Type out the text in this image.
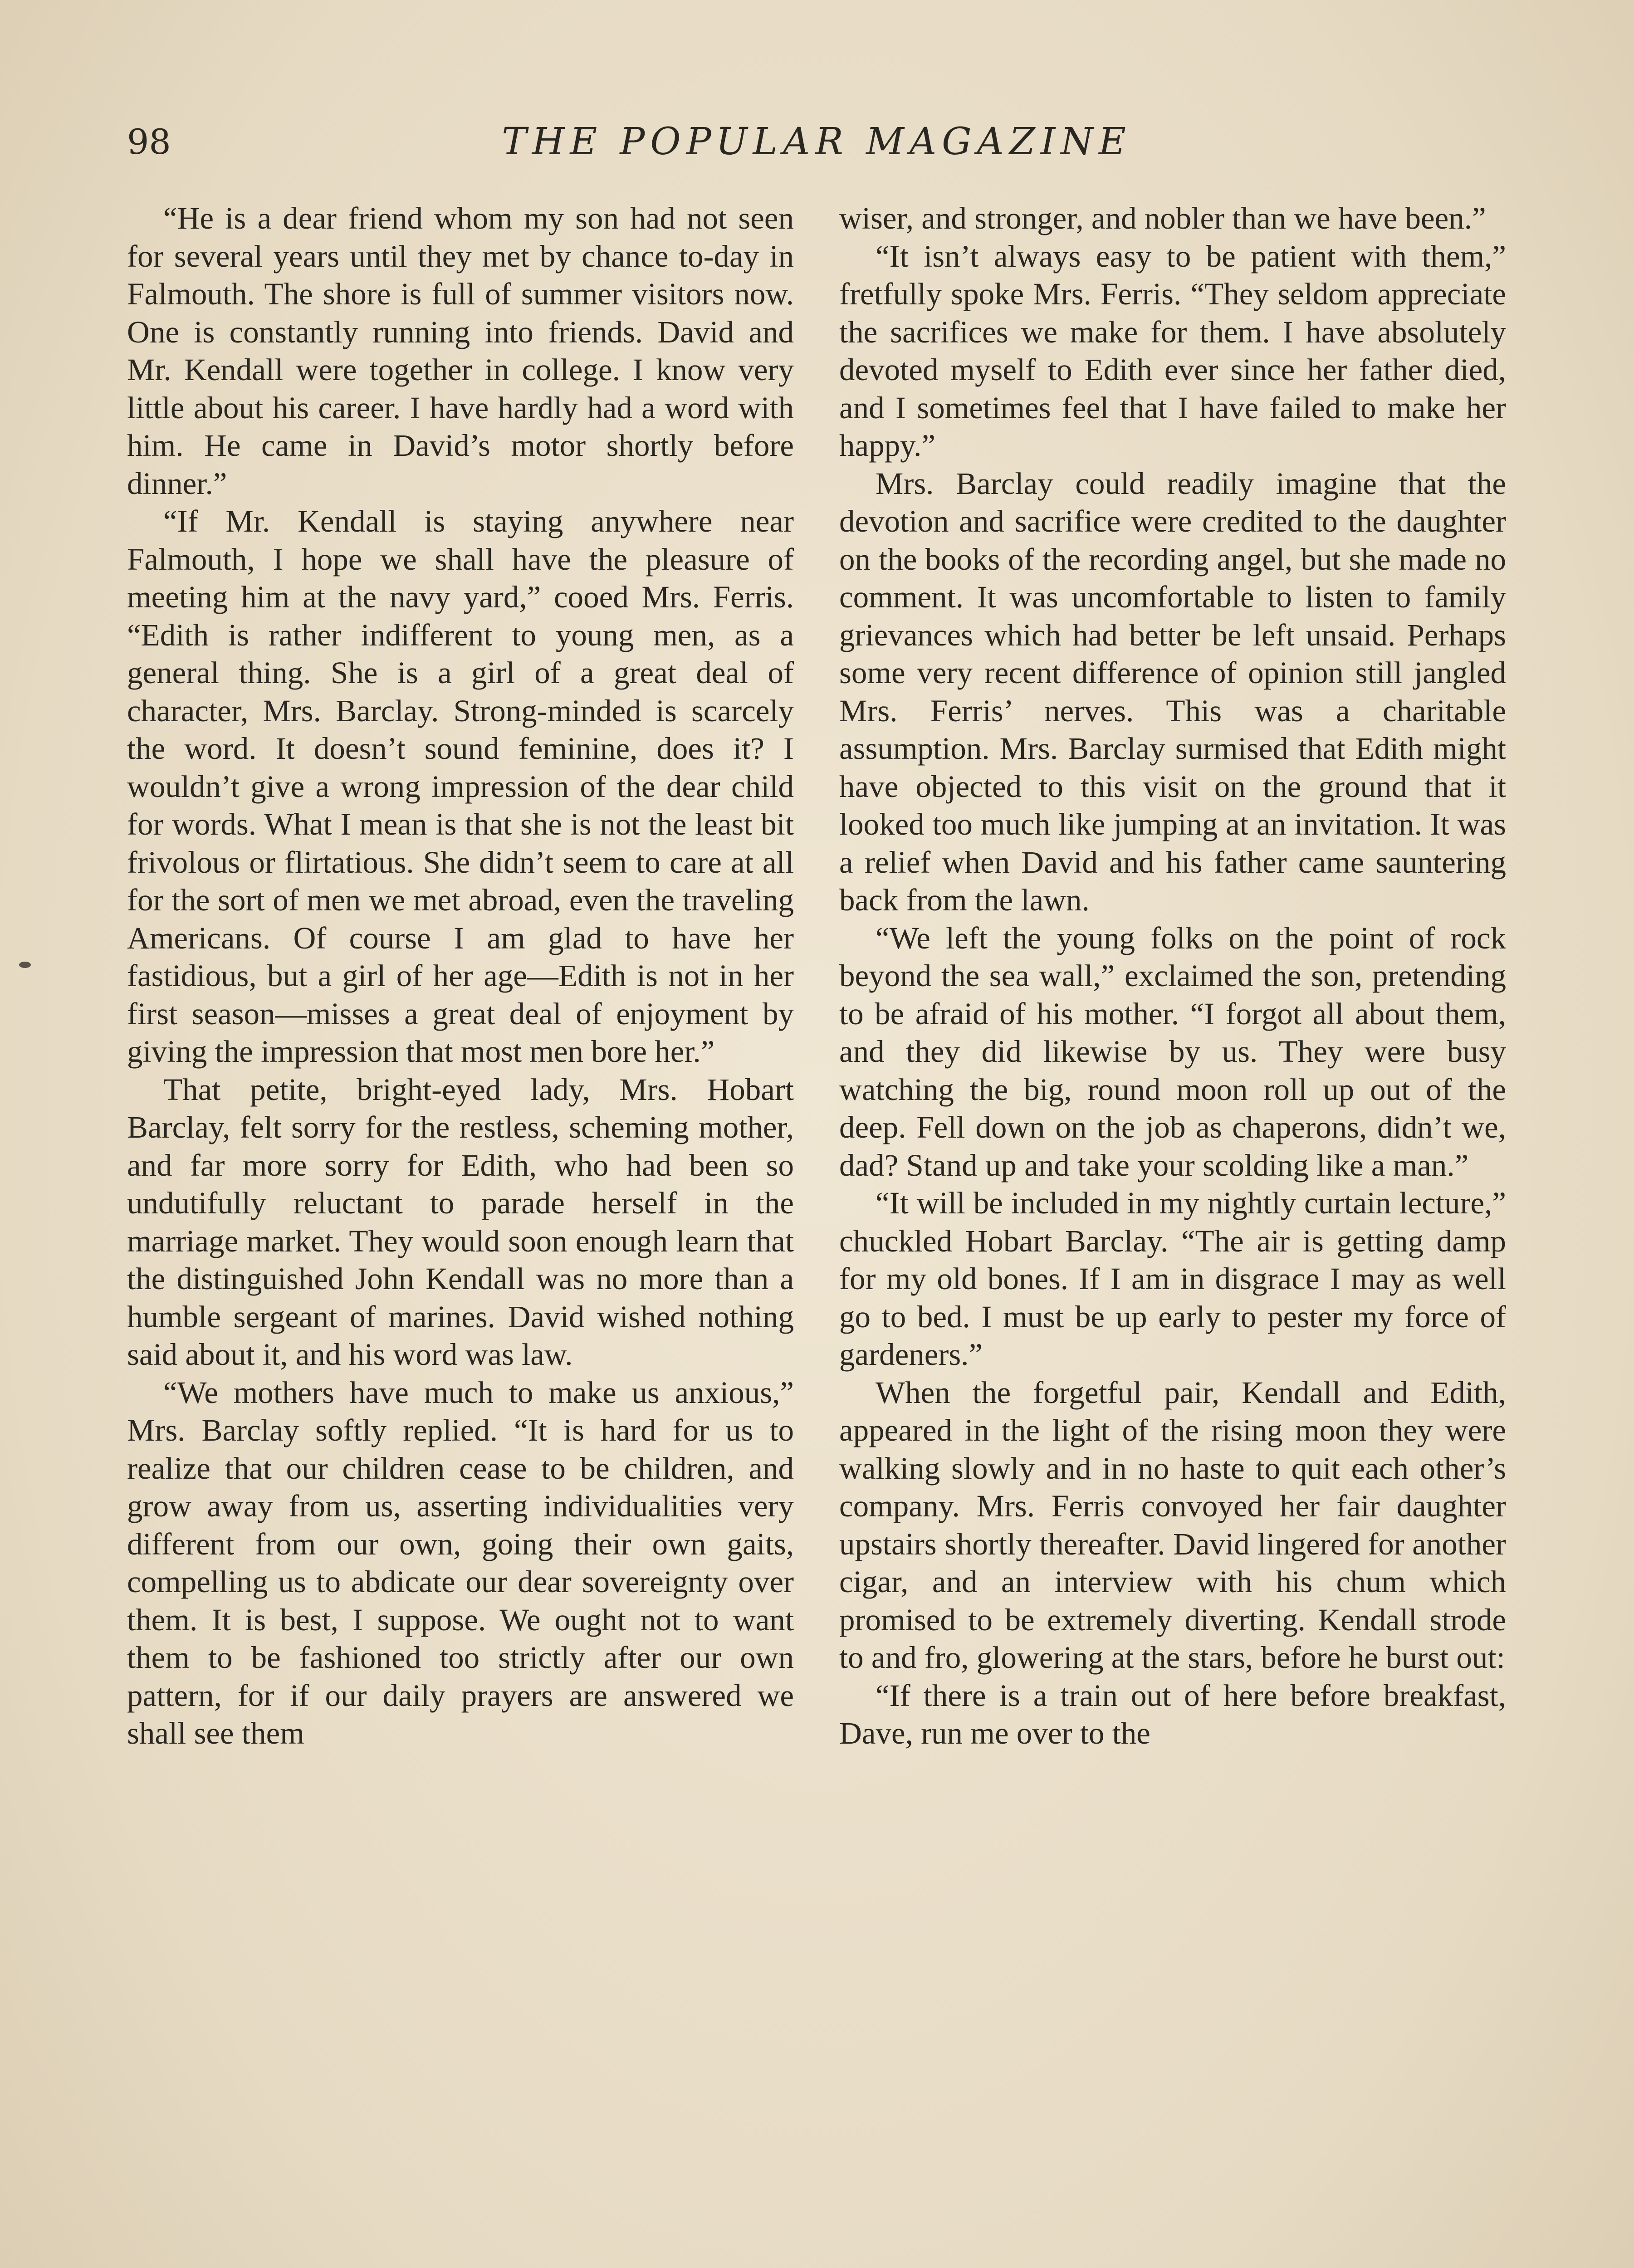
THE POPULAR MAGAZINE
98

“He is a dear friend whom my son had not seen for several years until they met by chance to-day in Falmouth. The shore is full of summer visitors now. One is constantly running into friends. David and Mr. Kendall were together in college. I know very little about his career. I have hardly had a word with him. He came in David’s motor shortly before dinner.”

“If Mr. Kendall is staying anywhere near Falmouth, I hope we shall have the pleasure of meeting him at the navy yard,” cooed Mrs. Ferris. “Edith is rather indifferent to young men, as a general thing. She is a girl of a great deal of character, Mrs. Barclay. Strong-minded is scarcely the word. It doesn’t sound feminine, does it? I wouldn’t give a wrong impression of the dear child for words. What I mean is that she is not the least bit frivolous or flirtatious. She didn’t seem to care at all for the sort of men we met abroad, even the traveling Americans. Of course I am glad to have her fastidious, but a girl of her age—Edith is not in her first season—misses a great deal of enjoyment by giving the impression that most men bore her.”

That petite, bright-eyed lady, Mrs. Hobart Barclay, felt sorry for the restless, scheming mother, and far more sorry for Edith, who had been so undutifully reluctant to parade herself in the marriage market. They would soon enough learn that the distinguished John Kendall was no more than a humble sergeant of marines. David wished nothing said about it, and his word was law.

“We mothers have much to make us anxious,” Mrs. Barclay softly replied. “It is hard for us to realize that our children cease to be children, and grow away from us, asserting individualities very different from our own, going their own gaits, compelling us to abdicate our dear sovereignty over them. It is best, I suppose. We ought not to want them to be fashioned too strictly after our own pattern, for if our daily prayers are answered we shall see them

wiser, and stronger, and nobler than we have been.”

“It isn’t always easy to be patient with them,” fretfully spoke Mrs. Ferris. “They seldom appreciate the sacrifices we make for them. I have absolutely devoted myself to Edith ever since her father died, and I sometimes feel that I have failed to make her happy.”

Mrs. Barclay could readily imagine that the devotion and sacrifice were credited to the daughter on the books of the recording angel, but she made no comment. It was uncomfortable to listen to family grievances which had better be left unsaid. Perhaps some very recent difference of opinion still jangled Mrs. Ferris’ nerves. This was a charitable assumption. Mrs. Barclay surmised that Edith might have objected to this visit on the ground that it looked too much like jumping at an invitation. It was a relief when David and his father came sauntering back from the lawn.

“We left the young folks on the point of rock beyond the sea wall,” exclaimed the son, pretending to be afraid of his mother. “I forgot all about them, and they did likewise by us. They were busy watching the big, round moon roll up out of the deep. Fell down on the job as chaperons, didn’t we, dad? Stand up and take your scolding like a man.”

“It will be included in my nightly curtain lecture,” chuckled Hobart Barclay. “The air is getting damp for my old bones. If I am in disgrace I may as well go to bed. I must be up early to pester my force of gardeners.”

When the forgetful pair, Kendall and Edith, appeared in the light of the rising moon they were walking slowly and in no haste to quit each other’s company. Mrs. Ferris convoyed her fair daughter upstairs shortly thereafter. David lingered for another cigar, and an interview with his chum which promised to be extremely diverting. Kendall strode to and fro, glowering at the stars, before he burst out:

“If there is a train out of here before breakfast, Dave, run me over to the
